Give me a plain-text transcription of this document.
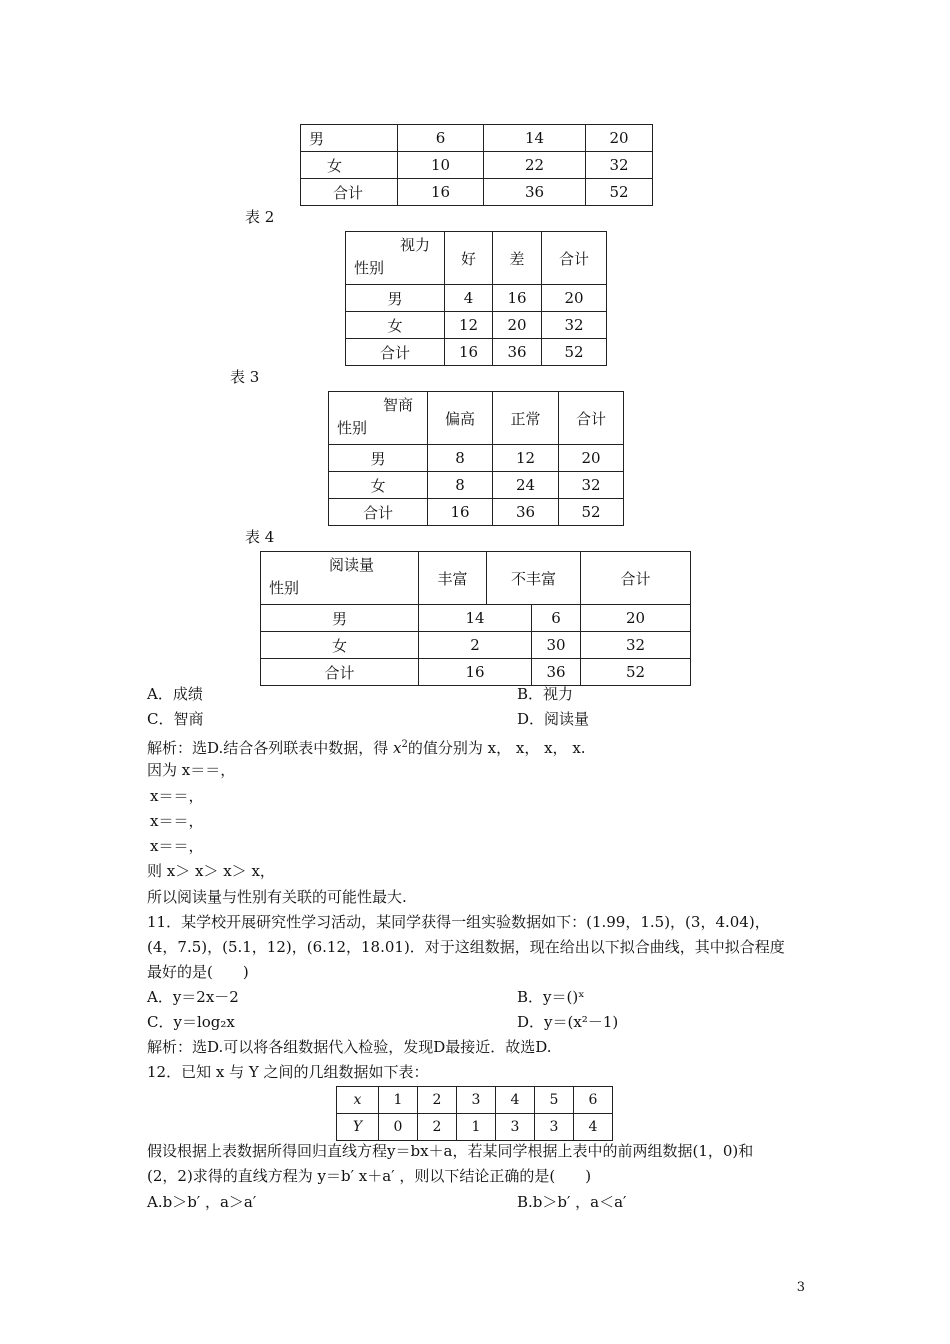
男	6	14	20
女	10	22	32
合计	16	36	52
表 2
视力
性别	好	差	合计
男	4	16	20
女	12	20	32
合计	16	36	52
表 3
智商
性别	偏高	正常	合计
男	8	12	20
女	8	24	32
合计	16	36	52
表 4
阅读量
性别	丰富	不丰富		合计
男	14		6	20
女	2		30	32
合计	16		36	52
A．成绩	B．视力
C．智商	D．阅读量
解析：选D.结合各列联表中数据，得 $x^2$的值分别为 x， x， x， x.
因为 x＝＝，
x＝＝，
x＝＝，
x＝＝，
则 x＞ x＞ x＞ x，
所以阅读量与性别有关联的可能性最大.
11．某学校开展研究性学习活动，某同学获得一组实验数据如下：(1.99，1.5)，(3，4.04)，
(4，7.5)，(5.1，12)，(6.12，18.01)．对于这组数据，现在给出以下拟合曲线，其中拟合程度
最好的是(　　)
A．y＝2x－2	B．y＝()ˣ
C．y＝log₂x	D．y＝(x²－1)
解析：选D.可以将各组数据代入检验，发现D最接近．故选D.
12．已知 x 与 Y 之间的几组数据如下表：
x	1	2	3	4	5	6
Y	0	2	1	3	3	4
假设根据上表数据所得回归直线方程y＝bx＋a，若某同学根据上表中的前两组数据(1，0)和
(2，2)求得的直线方程为 y＝b′ x＋a′ ，则以下结论正确的是(　　)
A.b＞b′ ，a＞a′	B.b＞b′ ，a＜a′
3
